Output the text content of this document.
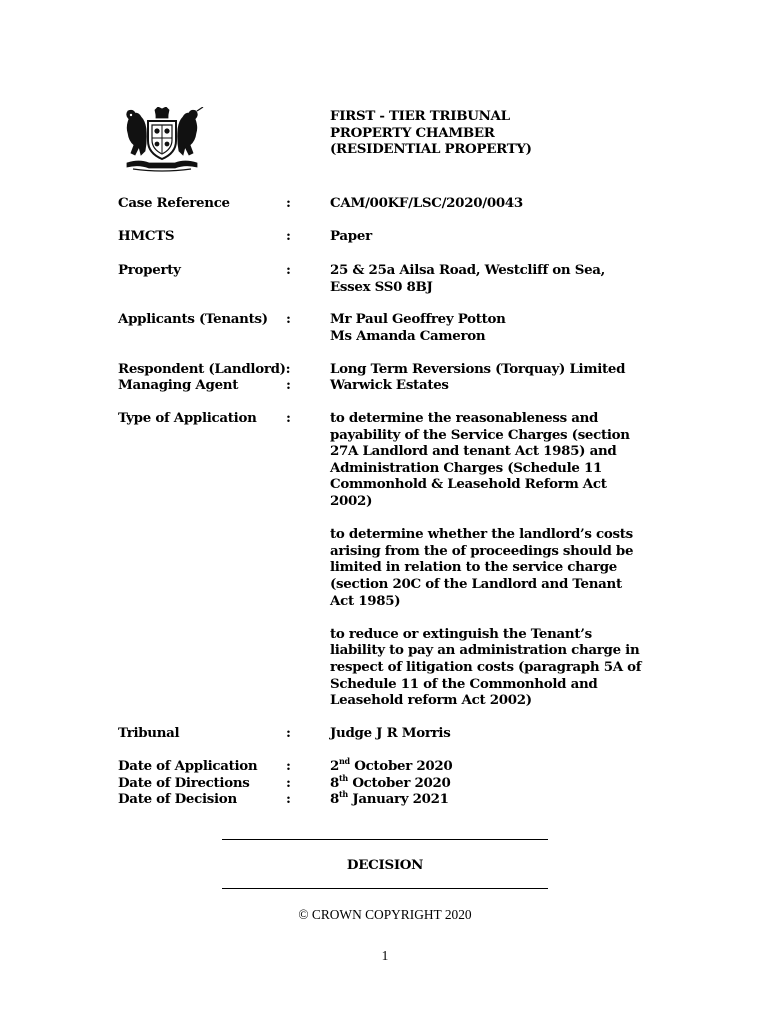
FIRST - TIER TRIBUNAL
PROPERTY CHAMBER
(RESIDENTIAL PROPERTY)
Case Reference	:	CAM/00KF/LSC/2020/0043
HMCTS	:	Paper
Property	:	25 & 25a Ailsa Road, Westcliff on Sea,
Essex SS0 8BJ
Applicants (Tenants) :	Mr Paul Geoffrey Potton
Ms Amanda Cameron
Respondent (Landlord):	Long Term Reversions (Torquay) Limited
Managing Agent	:	Warwick Estates
Type of Application :	to determine the reasonableness and
payability of the Service Charges (section
27A Landlord and tenant Act 1985) and
Administration Charges (Schedule 11
Commonhold & Leasehold Reform Act
2002)

to determine whether the landlord’s costs
arising from the of proceedings should be
limited in relation to the service charge
(section 20C of the Landlord and Tenant
Act 1985)

to reduce or extinguish the Tenant’s
liability to pay an administration charge in
respect of litigation costs (paragraph 5A of
Schedule 11 of the Commonhold and
Leasehold reform Act 2002)

Tribunal	:	Judge J R Morris
Date of Application :	2nd October 2020
Date of Directions	:	8th October 2020
Date of Decision	:	8th January 2021
DECISION
© CROWN COPYRIGHT 2020
1
